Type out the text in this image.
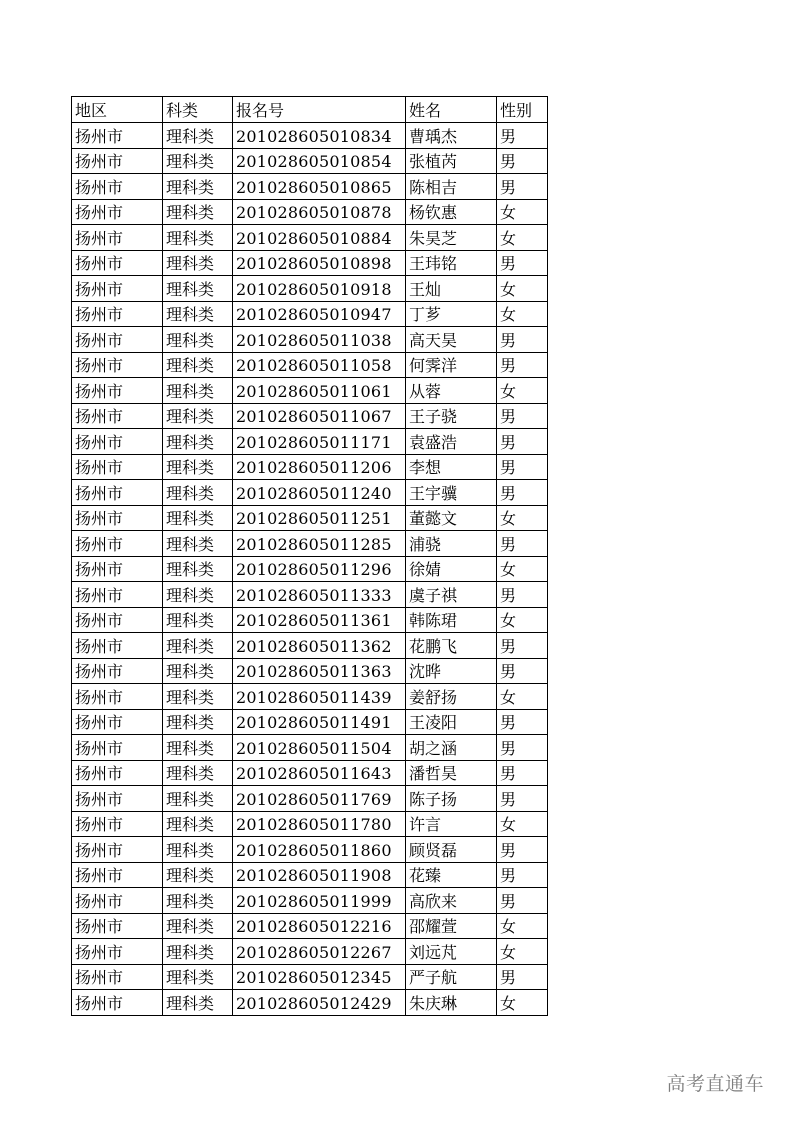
地区	科类	报名号	姓名	性别
扬州市	理科类	201028605010834	曹瑀杰	男
扬州市	理科类	201028605010854	张植芮	男
扬州市	理科类	201028605010865	陈相吉	男
扬州市	理科类	201028605010878	杨钦惠	女
扬州市	理科类	201028605010884	朱昊芝	女
扬州市	理科类	201028605010898	王玮铭	男
扬州市	理科类	201028605010918	王灿	女
扬州市	理科类	201028605010947	丁芗	女
扬州市	理科类	201028605011038	高天昊	男
扬州市	理科类	201028605011058	何霁洋	男
扬州市	理科类	201028605011061	从蓉	女
扬州市	理科类	201028605011067	王子骁	男
扬州市	理科类	201028605011171	袁盛浩	男
扬州市	理科类	201028605011206	李想	男
扬州市	理科类	201028605011240	王宇骥	男
扬州市	理科类	201028605011251	董懿文	女
扬州市	理科类	201028605011285	浦骁	男
扬州市	理科类	201028605011296	徐婧	女
扬州市	理科类	201028605011333	虞子祺	男
扬州市	理科类	201028605011361	韩陈珺	女
扬州市	理科类	201028605011362	花鹏飞	男
扬州市	理科类	201028605011363	沈晔	男
扬州市	理科类	201028605011439	姜舒扬	女
扬州市	理科类	201028605011491	王凌阳	男
扬州市	理科类	201028605011504	胡之涵	男
扬州市	理科类	201028605011643	潘哲昊	男
扬州市	理科类	201028605011769	陈子扬	男
扬州市	理科类	201028605011780	许言	女
扬州市	理科类	201028605011860	顾贤磊	男
扬州市	理科类	201028605011908	花臻	男
扬州市	理科类	201028605011999	高欣来	男
扬州市	理科类	201028605012216	邵耀萱	女
扬州市	理科类	201028605012267	刘远芃	女
扬州市	理科类	201028605012345	严子航	男
扬州市	理科类	201028605012429	朱庆琳	女
高考直通车
